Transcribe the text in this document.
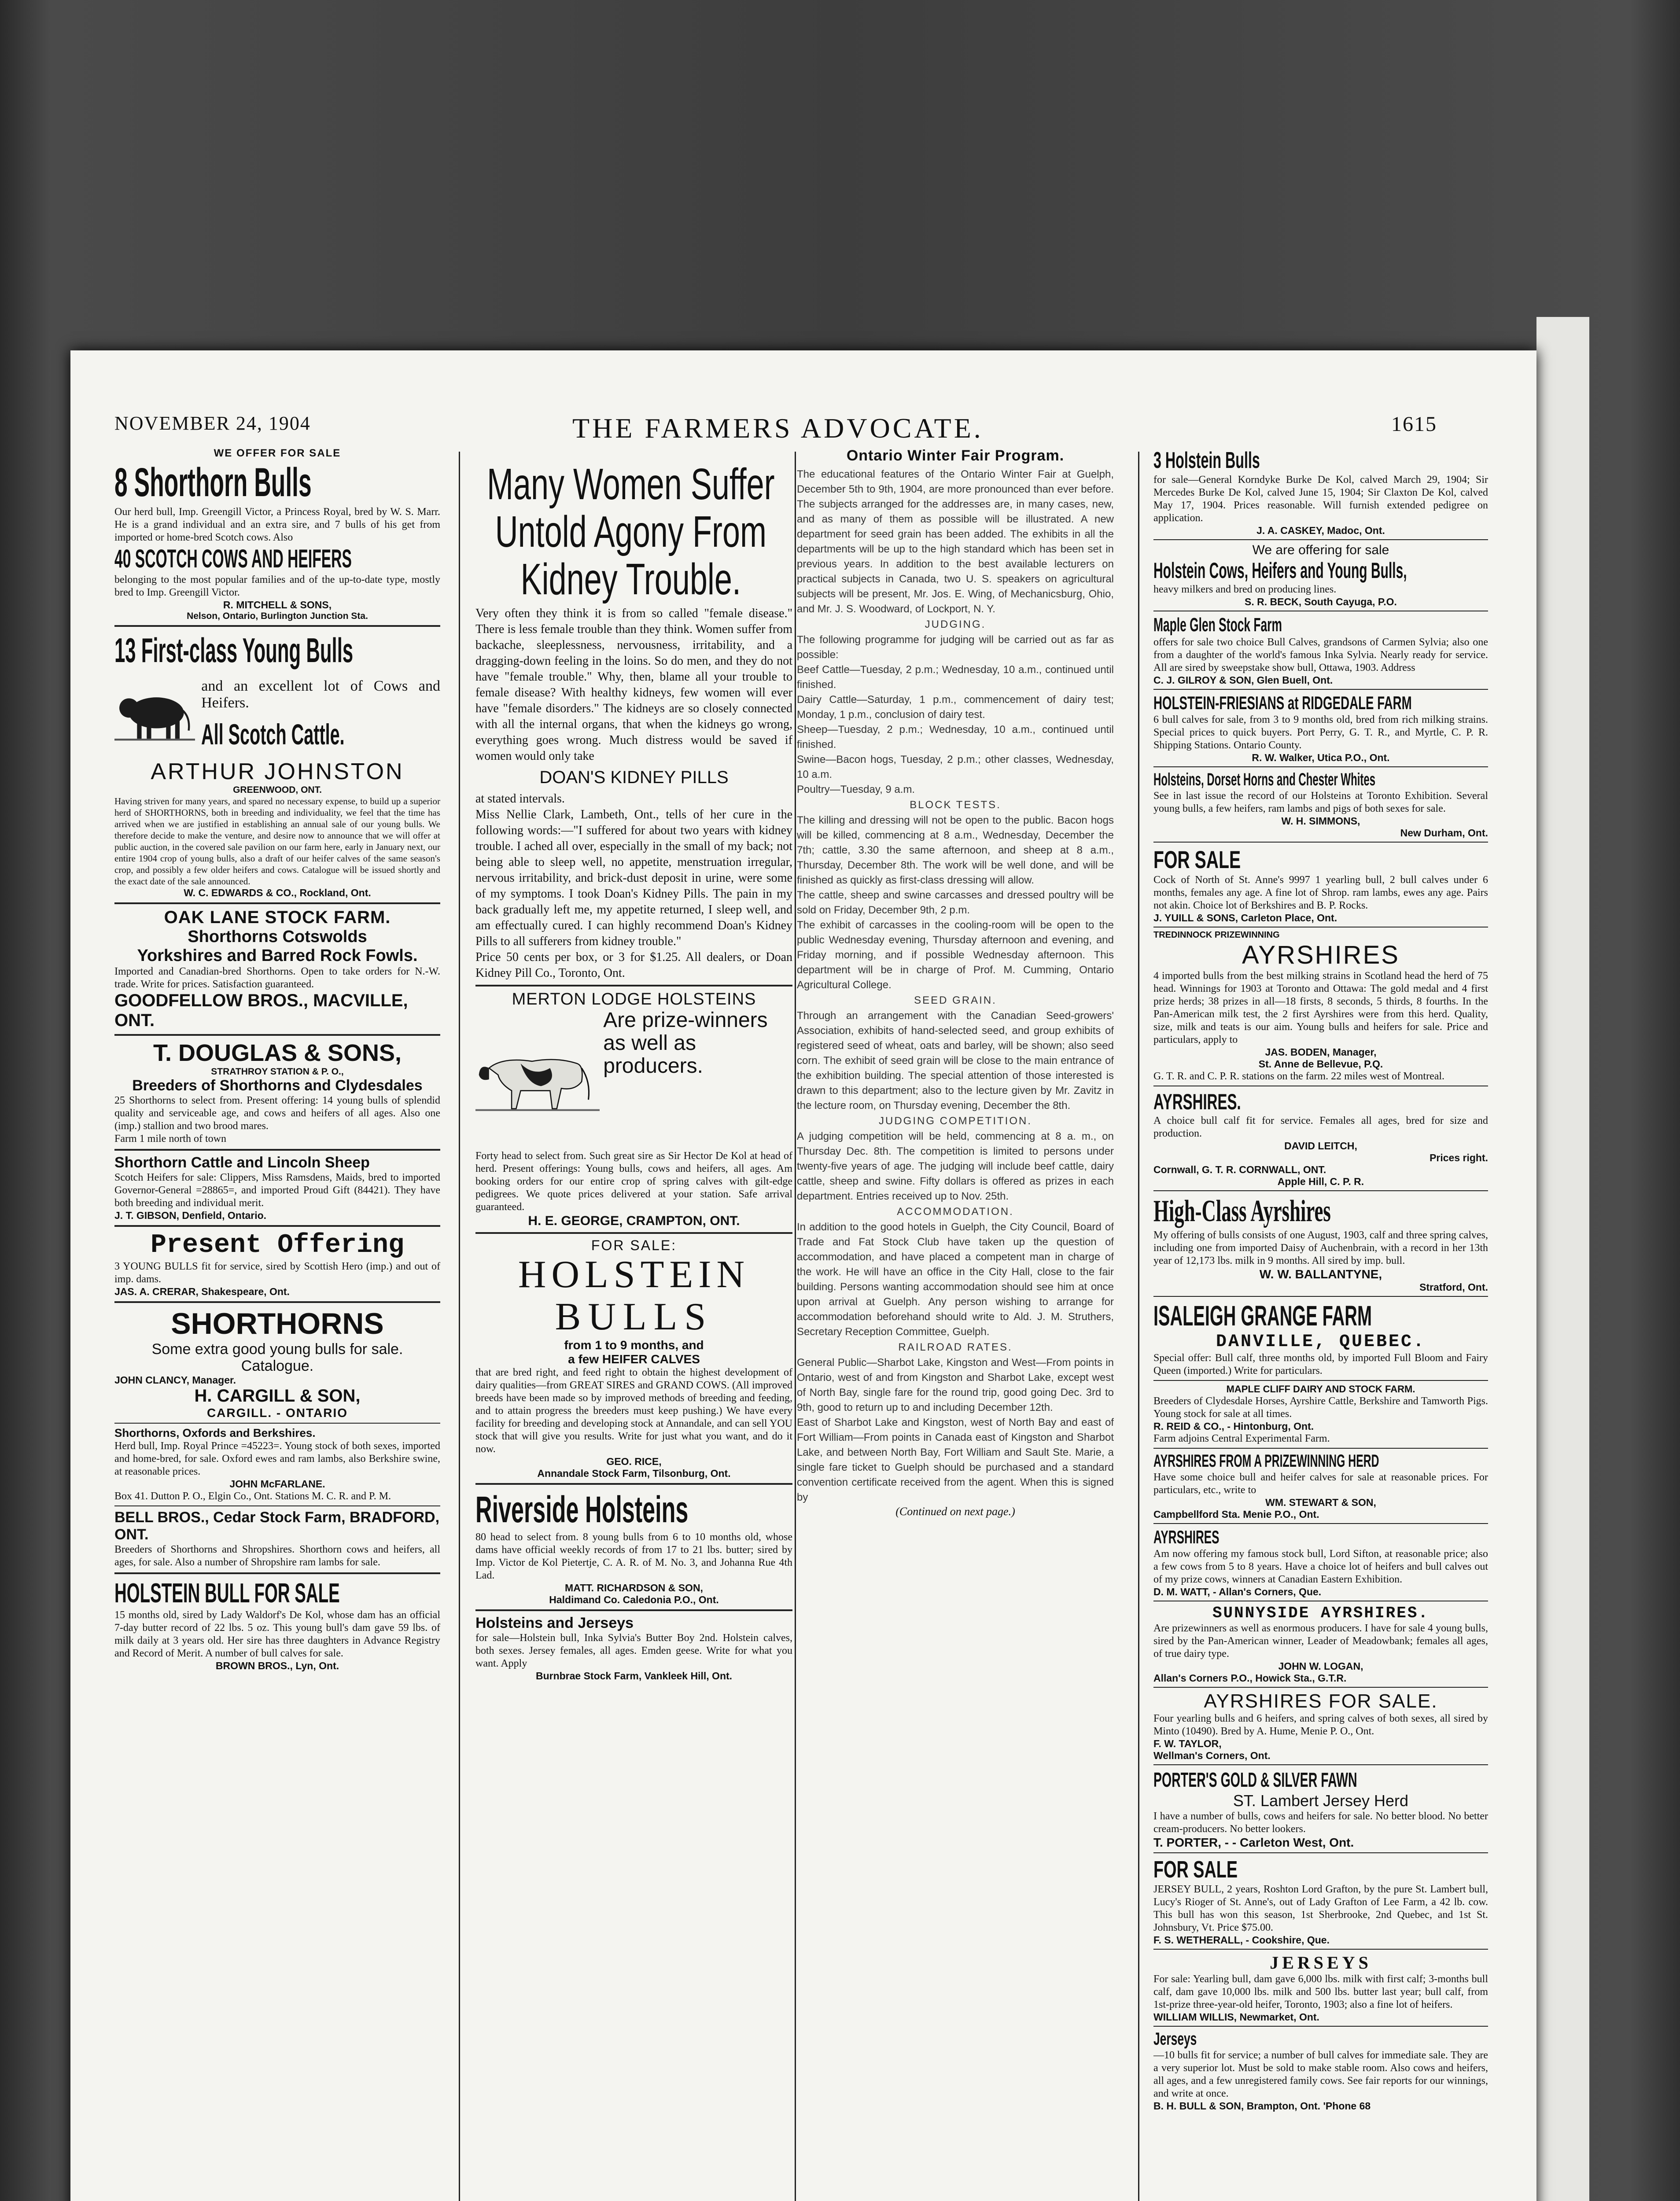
NOVEMBER 24, 1904	THE FARMERS ADVOCATE.	1615

WE OFFER FOR SALE

8 Shorthorn Bulls

Our herd bull, Imp. Greengill Victor, a Princess Royal, bred by W. S. Marr. He is a grand individual and an extra sire, and 7 bulls of his get from imported or home-bred Scotch cows. Also

40 SCOTCH COWS AND HEIFERS

belonging to the most popular families and of the up-to-date type, mostly bred to Imp. Greengill Victor.

R. MITCHELL & SONS,

Nelson, Ontario, Burlington Junction Sta.

13 First-class Young Bulls

and an excellent lot of Cows and Heifers.

All Scotch Cattle.

ARTHUR JOHNSTON

GREENWOOD, ONT.

Having striven for many years, and spared no necessary expense, to build up a superior herd of SHORTHORNS, both in breeding and individuality, we feel that the time has arrived when we are justified in establishing an annual sale of our young bulls. We therefore decide to make the venture, and desire now to announce that we will offer at public auction, in the covered sale pavilion on our farm here, early in January next, our entire 1904 crop of young bulls, also a draft of our heifer calves of the same season's crop, and possibly a few older heifers and cows. Catalogue will be issued shortly and the exact date of the sale announced.

W. C. EDWARDS & CO., Rockland, Ont.

OAK LANE STOCK FARM.

Shorthorns Cotswolds

Yorkshires and Barred Rock Fowls.

Imported and Canadian-bred Shorthorns. Open to take orders for N.-W. trade. Write for prices. Satisfaction guaranteed.

GOODFELLOW BROS., MACVILLE, ONT.

T. DOUGLAS & SONS,

STRATHROY STATION & P. O.,

Breeders of Shorthorns and Clydesdales

25 Shorthorns to select from. Present offering: 14 young bulls of splendid quality and serviceable age, and cows and heifers of all ages. Also one (imp.) stallion and two brood mares.

Farm 1 mile north of town

Shorthorn Cattle and Lincoln Sheep

Scotch Heifers for sale: Clippers, Miss Ramsdens, Maids, bred to imported Governor-General =28865=, and imported Proud Gift (84421). They have both breeding and individual merit.

J. T. GIBSON, Denfield, Ontario.

Present Offering

3 YOUNG BULLS fit for service, sired by Scottish Hero (imp.) and out of imp. dams.

JAS. A. CRERAR, Shakespeare, Ont.

SHORTHORNS

Some extra good young bulls for sale. Catalogue.

JOHN CLANCY, Manager.

H. CARGILL & SON,

CARGILL. - ONTARIO

Shorthorns, Oxfords and Berkshires.

Herd bull, Imp. Royal Prince =45223=. Young stock of both sexes, imported and home-bred, for sale. Oxford ewes and ram lambs, also Berkshire swine, at reasonable prices.

JOHN McFARLANE.

Box 41. Dutton P. O., Elgin Co., Ont. Stations M. C. R. and P. M.

BELL BROS., Cedar Stock Farm, BRADFORD, ONT.

Breeders of Shorthorns and Shropshires. Shorthorn cows and heifers, all ages, for sale. Also a number of Shropshire ram lambs for sale.

HOLSTEIN BULL FOR SALE

15 months old, sired by Lady Waldorf's De Kol, whose dam has an official 7-day butter record of 22 lbs. 5 oz. This young bull's dam gave 59 lbs. of milk daily at 3 years old. Her sire has three daughters in Advance Registry and Record of Merit. A number of bull calves for sale.

BROWN BROS., Lyn, Ont.

Many Women Suffer Untold Agony From Kidney Trouble.

Very often they think it is from so called "female disease." There is less female trouble than they think. Women suffer from backache, sleeplessness, nervousness, irritability, and a dragging-down feeling in the loins. So do men, and they do not have "female trouble." Why, then, blame all your trouble to female disease? With healthy kidneys, few women will ever have "female disorders." The kidneys are so closely connected with all the internal organs, that when the kidneys go wrong, everything goes wrong. Much distress would be saved if women would only take

DOAN'S KIDNEY PILLS

at stated intervals.

Miss Nellie Clark, Lambeth, Ont., tells of her cure in the following words:—"I suffered for about two years with kidney trouble. I ached all over, especially in the small of my back; not being able to sleep well, no appetite, menstruation irregular, nervous irritability, and brick-dust deposit in urine, were some of my symptoms. I took Doan's Kidney Pills. The pain in my back gradually left me, my appetite returned, I sleep well, and am effectually cured. I can highly recommend Doan's Kidney Pills to all sufferers from kidney trouble."

Price 50 cents per box, or 3 for $1.25. All dealers, or Doan Kidney Pill Co., Toronto, Ont.

MERTON LODGE HOLSTEINS

Are prize-winners as well as producers.

Forty head to select from. Such great sire as Sir Hector De Kol at head of herd. Present offerings: Young bulls, cows and heifers, all ages. Am booking orders for our entire crop of spring calves with gilt-edge pedigrees. We quote prices delivered at your station. Safe arrival guaranteed.

H. E. GEORGE, CRAMPTON, ONT.

FOR SALE:

HOLSTEIN

BULLS

from 1 to 9 months, and

a few HEIFER CALVES

that are bred right, and feed right to obtain the highest development of dairy qualities—from GREAT SIRES and GRAND COWS. (All improved breeds have been made so by improved methods of breeding and feeding, and to attain progress the breeders must keep pushing.) We have every facility for breeding and developing stock at Annandale, and can sell YOU stock that will give you results. Write for just what you want, and do it now.

GEO. RICE,

Annandale Stock Farm, Tilsonburg, Ont.

Riverside Holsteins

80 head to select from. 8 young bulls from 6 to 10 months old, whose dams have official weekly records of from 17 to 21 lbs. butter; sired by Imp. Victor de Kol Pietertje, C. A. R. of M. No. 3, and Johanna Rue 4th Lad.

MATT. RICHARDSON & SON,

Haldimand Co. Caledonia P.O., Ont.

Holsteins and Jerseys

for sale—Holstein bull, Inka Sylvia's Butter Boy 2nd. Holstein calves, both sexes. Jersey females, all ages. Emden geese. Write for what you want. Apply

Burnbrae Stock Farm, Vankleek Hill, Ont.

Ontario Winter Fair Program.

The educational features of the Ontario Winter Fair at Guelph, December 5th to 9th, 1904, are more pronounced than ever before. The subjects arranged for the addresses are, in many cases, new, and as many of them as possible will be illustrated. A new department for seed grain has been added. The exhibits in all the departments will be up to the high standard which has been set in previous years. In addition to the best available lecturers on practical subjects in Canada, two U. S. speakers on agricultural subjects will be present, Mr. Jos. E. Wing, of Mechanicsburg, Ohio, and Mr. J. S. Woodward, of Lockport, N. Y.

JUDGING.

The following programme for judging will be carried out as far as possible:

Beef Cattle—Tuesday, 2 p.m.; Wednesday, 10 a.m., continued until finished.

Dairy Cattle—Saturday, 1 p.m., commencement of dairy test; Monday, 1 p.m., conclusion of dairy test.

Sheep—Tuesday, 2 p.m.; Wednesday, 10 a.m., continued until finished.

Swine—Bacon hogs, Tuesday, 2 p.m.; other classes, Wednesday, 10 a.m.

Poultry—Tuesday, 9 a.m.

BLOCK TESTS.

The killing and dressing will not be open to the public. Bacon hogs will be killed, commencing at 8 a.m., Wednesday, December the 7th; cattle, 3.30 the same afternoon, and sheep at 8 a.m., Thursday, December 8th. The work will be well done, and will be finished as quickly as first-class dressing will allow.

The cattle, sheep and swine carcasses and dressed poultry will be sold on Friday, December 9th, 2 p.m.

The exhibit of carcasses in the cooling-room will be open to the public Wednesday evening, Thursday afternoon and evening, and Friday morning, and if possible Wednesday afternoon. This department will be in charge of Prof. M. Cumming, Ontario Agricultural College.

SEED GRAIN.

Through an arrangement with the Canadian Seed-growers' Association, exhibits of hand-selected seed, and group exhibits of registered seed of wheat, oats and barley, will be shown; also seed corn. The exhibit of seed grain will be close to the main entrance of the exhibition building. The special attention of those interested is drawn to this department; also to the lecture given by Mr. Zavitz in the lecture room, on Thursday evening, December the 8th.

JUDGING COMPETITION.

A judging competition will be held, commencing at 8 a. m., on Thursday Dec. 8th. The competition is limited to persons under twenty-five years of age. The judging will include beef cattle, dairy cattle, sheep and swine. Fifty dollars is offered as prizes in each department. Entries received up to Nov. 25th.

ACCOMMODATION.

In addition to the good hotels in Guelph, the City Council, Board of Trade and Fat Stock Club have taken up the question of accommodation, and have placed a competent man in charge of the work. He will have an office in the City Hall, close to the fair building. Persons wanting accommodation should see him at once upon arrival at Guelph. Any person wishing to arrange for accommodation beforehand should write to Ald. J. M. Struthers, Secretary Reception Committee, Guelph.

RAILROAD RATES.

General Public—Sharbot Lake, Kingston and West—From points in Ontario, west of and from Kingston and Sharbot Lake, except west of North Bay, single fare for the round trip, good going Dec. 3rd to 9th, good to return up to and including December 12th.

East of Sharbot Lake and Kingston, west of North Bay and east of Fort William—From points in Canada east of Kingston and Sharbot Lake, and between North Bay, Fort William and Sault Ste. Marie, a single fare ticket to Guelph should be purchased and a standard convention certificate received from the agent. When this is signed by

(Continued on next page.)

3 Holstein Bulls

for sale—General Korndyke Burke De Kol, calved March 29, 1904; Sir Mercedes Burke De Kol, calved June 15, 1904; Sir Claxton De Kol, calved May 17, 1904. Prices reasonable. Will furnish extended pedigree on application.

J. A. CASKEY, Madoc, Ont.

We are offering for sale

Holstein Cows, Heifers and Young Bulls,

heavy milkers and bred on producing lines.

S. R. BECK, South Cayuga, P.O.

Maple Glen Stock Farm

offers for sale two choice Bull Calves, grandsons of Carmen Sylvia; also one from a daughter of the world's famous Inka Sylvia. Nearly ready for service. All are sired by sweepstake show bull, Ottawa, 1903. Address

C. J. GILROY & SON, Glen Buell, Ont.

HOLSTEIN-FRIESIANS at RIDGEDALE FARM

6 bull calves for sale, from 3 to 9 months old, bred from rich milking strains. Special prices to quick buyers. Port Perry, G. T. R., and Myrtle, C. P. R. Shipping Stations. Ontario County.

R. W. Walker, Utica P.O., Ont.

Holsteins, Dorset Horns and Chester Whites

See in last issue the record of our Holsteins at Toronto Exhibition. Several young bulls, a few heifers, ram lambs and pigs of both sexes for sale.

W. H. SIMMONS,

New Durham, Ont.

FOR SALE

Cock of North of St. Anne's 9997 1 yearling bull, 2 bull calves under 6 months, females any age. A fine lot of Shrop. ram lambs, ewes any age. Pairs not akin. Choice lot of Berkshires and B. P. Rocks.

J. YUILL & SONS, Carleton Place, Ont.

TREDINNOCK PRIZEWINNING

AYRSHIRES

4 imported bulls from the best milking strains in Scotland head the herd of 75 head. Winnings for 1903 at Toronto and Ottawa: The gold medal and 4 first prize herds; 38 prizes in all—18 firsts, 8 seconds, 5 thirds, 8 fourths. In the Pan-American milk test, the 2 first Ayrshires were from this herd. Quality, size, milk and teats is our aim. Young bulls and heifers for sale. Price and particulars, apply to

JAS. BODEN, Manager,

St. Anne de Bellevue, P.Q.

G. T. R. and C. P. R. stations on the farm. 22 miles west of Montreal.

AYRSHIRES.

A choice bull calf fit for service. Females all ages, bred for size and production.

DAVID LEITCH,

Prices right.

Cornwall, G. T. R. CORNWALL, ONT.

Apple Hill, C. P. R.

High-Class Ayrshires

My offering of bulls consists of one August, 1903, calf and three spring calves, including one from imported Daisy of Auchenbrain, with a record in her 13th year of 12,173 lbs. milk in 9 months. All sired by imp. bull.

W. W. BALLANTYNE,

Stratford, Ont.

ISALEIGH GRANGE FARM

DANVILLE, QUEBEC.

Special offer: Bull calf, three months old, by imported Full Bloom and Fairy Queen (imported.) Write for particulars.

MAPLE CLIFF DAIRY AND STOCK FARM.

Breeders of Clydesdale Horses, Ayrshire Cattle, Berkshire and Tamworth Pigs. Young stock for sale at all times.

R. REID & CO., - Hintonburg, Ont.

Farm adjoins Central Experimental Farm.

AYRSHIRES FROM A PRIZEWINNING HERD

Have some choice bull and heifer calves for sale at reasonable prices. For particulars, etc., write to

WM. STEWART & SON,

Campbellford Sta. Menie P.O., Ont.

AYRSHIRES

Am now offering my famous stock bull, Lord Sifton, at reasonable price; also a few cows from 5 to 8 years. Have a choice lot of heifers and bull calves out of my prize cows, winners at Canadian Eastern Exhibition.

D. M. WATT, - Allan's Corners, Que.

SUNNYSIDE AYRSHIRES.

Are prizewinners as well as enormous producers. I have for sale 4 young bulls, sired by the Pan-American winner, Leader of Meadowbank; females all ages, of true dairy type.

JOHN W. LOGAN,

Allan's Corners P.O., Howick Sta., G.T.R.

AYRSHIRES FOR SALE.

Four yearling bulls and 6 heifers, and spring calves of both sexes, all sired by Minto (10490). Bred by A. Hume, Menie P. O., Ont.

F. W. TAYLOR,

Wellman's Corners, Ont.

PORTER'S GOLD & SILVER FAWN

ST. Lambert Jersey Herd

I have a number of bulls, cows and heifers for sale. No better blood. No better cream-producers. No better lookers.

T. PORTER, - - Carleton West, Ont.

FOR SALE

JERSEY BULL, 2 years, Roshton Lord Grafton, by the pure St. Lambert bull, Lucy's Rioger of St. Anne's, out of Lady Grafton of Lee Farm, a 42 lb. cow. This bull has won this season, 1st Sherbrooke, 2nd Quebec, and 1st St. Johnsbury, Vt. Price $75.00.

F. S. WETHERALL, - Cookshire, Que.

JERSEYS

For sale: Yearling bull, dam gave 6,000 lbs. milk with first calf; 3-months bull calf, dam gave 10,000 lbs. milk and 500 lbs. butter last year; bull calf, from 1st-prize three-year-old heifer, Toronto, 1903; also a fine lot of heifers.

WILLIAM WILLIS, Newmarket, Ont.

Jerseys

—10 bulls fit for service; a number of bull calves for immediate sale. They are a very superior lot. Must be sold to make stable room. Also cows and heifers, all ages, and a few unregistered family cows. See fair reports for our winnings, and write at once.

B. H. BULL & SON, Brampton, Ont. 'Phone 68
